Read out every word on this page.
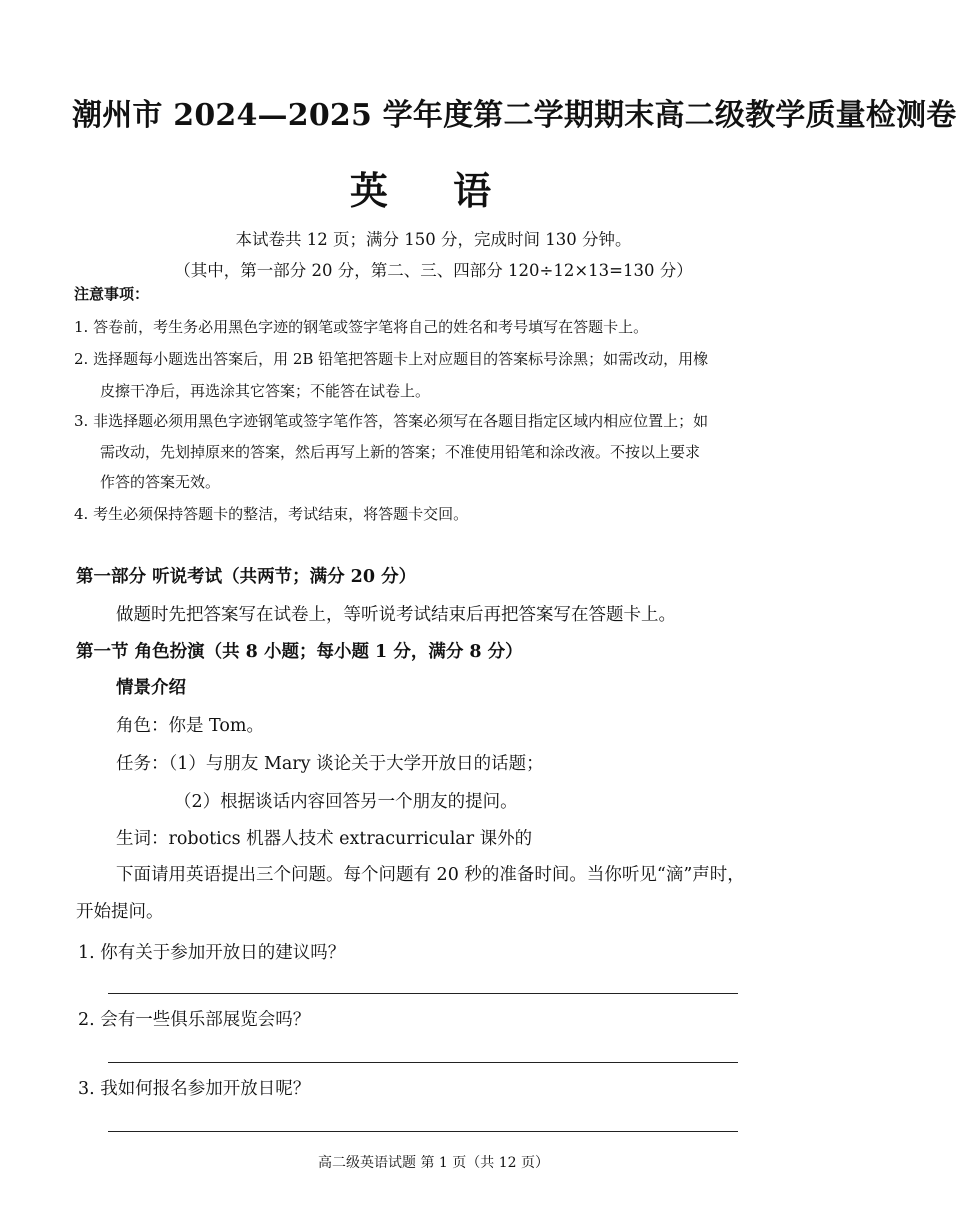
潮州市 2024—2025 学年度第二学期期末高二级教学质量检测卷
英 语
本试卷共 12 页；满分 150 分，完成时间 130 分钟。
（其中，第一部分 20 分，第二、三、四部分 120÷12×13=130 分）
注意事项：
1. 答卷前，考生务必用黑色字迹的钢笔或签字笔将自己的姓名和考号填写在答题卡上。
2. 选择题每小题选出答案后，用 2B 铅笔把答题卡上对应题目的答案标号涂黑；如需改动，用橡
皮擦干净后，再选涂其它答案；不能答在试卷上。
3. 非选择题必须用黑色字迹钢笔或签字笔作答，答案必须写在各题目指定区域内相应位置上；如
需改动，先划掉原来的答案，然后再写上新的答案；不准使用铅笔和涂改液。不按以上要求
作答的答案无效。
4. 考生必须保持答题卡的整洁，考试结束，将答题卡交回。
第一部分 听说考试（共两节；满分 20 分）
做题时先把答案写在试卷上，等听说考试结束后再把答案写在答题卡上。
第一节 角色扮演（共 8 小题；每小题 1 分，满分 8 分）
情景介绍
角色：你是 Tom。
任务：（1）与朋友 Mary 谈论关于大学开放日的话题；
（2）根据谈话内容回答另一个朋友的提问。
生词：robotics 机器人技术 extracurricular 课外的
下面请用英语提出三个问题。每个问题有 20 秒的准备时间。当你听见“滴”声时，
开始提问。
1. 你有关于参加开放日的建议吗？
2. 会有一些俱乐部展览会吗？
3. 我如何报名参加开放日呢？
高二级英语试题 第 1 页（共 12 页）
